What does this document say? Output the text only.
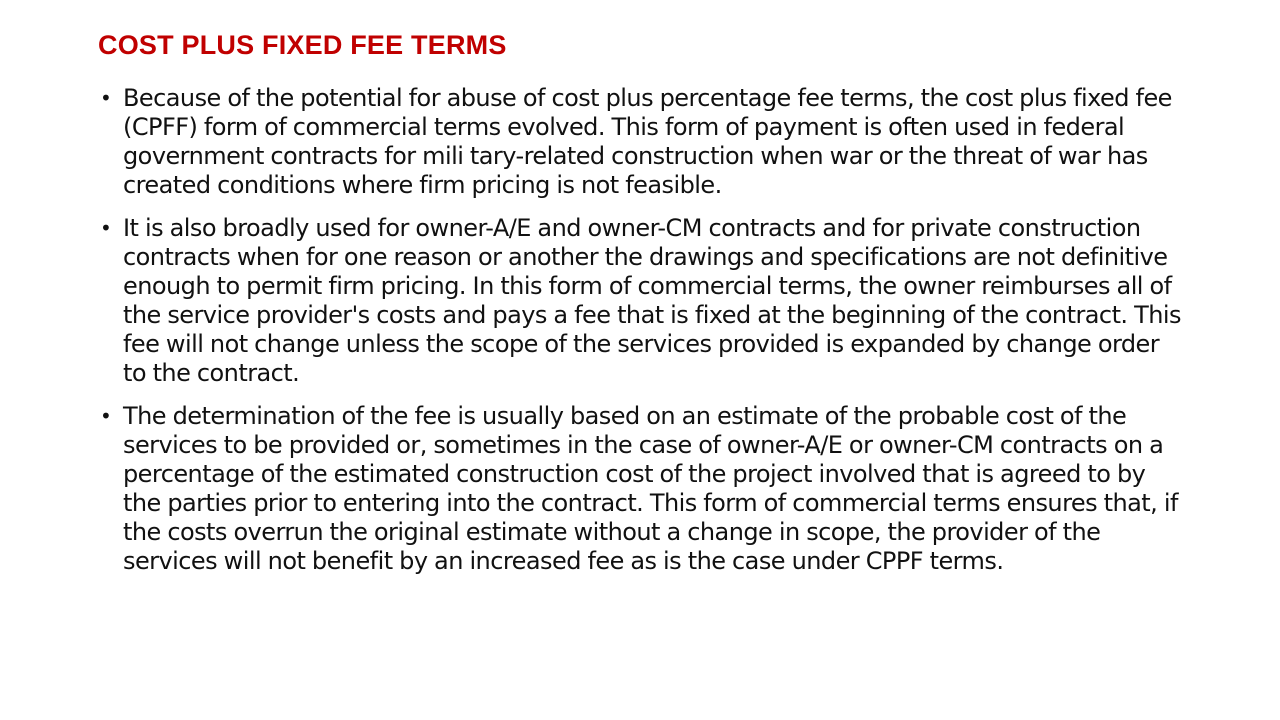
COST PLUS FIXED FEE TERMS
• Because of the potential for abuse of cost plus percentage fee terms, the cost plus fixed fee (CPFF) form of commercial terms evolved. This form of payment is often used in federal government contracts for mili tary-related construction when war or the threat of war has created conditions where firm pricing is not feasible.
• It is also broadly used for owner-A/E and owner-CM contracts and for private construction contracts when for one reason or another the drawings and specifications are not definitive enough to permit firm pricing. In this form of commercial terms, the owner reimburses all of the service provider's costs and pays a fee that is fixed at the beginning of the contract. This fee will not change unless the scope of the services provided is expanded by change order to the contract.
• The determination of the fee is usually based on an estimate of the probable cost of the services to be provided or, sometimes in the case of owner-A/E or owner-CM contracts on a percentage of the estimated construction cost of the project involved that is agreed to by the parties prior to entering into the contract. This form of commercial terms ensures that, if the costs overrun the original estimate without a change in scope, the provider of the services will not benefit by an increased fee as is the case under CPPF terms.
